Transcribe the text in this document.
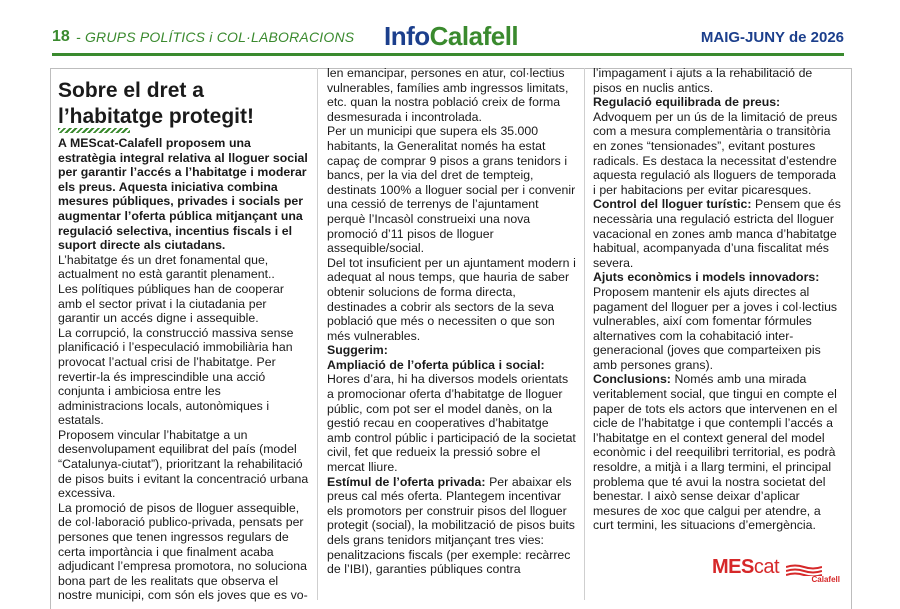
18 - GRUPS POLÍTICS i COL·LABORACIONS InfoCalafell	MAIG-JUNY de 2026
Sobre el dret a l’habitatge protegit!

A MEScat-Calafell proposem una estratègia integral relativa al lloguer social per garantir l’accés a l’habitatge i moderar els preus. Aquesta iniciativa combina mesures públiques, privades i socials per augmentar l’oferta pública mitjançant una regulació selectiva, incentius fiscals i el suport directe als ciutadans.

L’habitatge és un dret fonamental que, actualment no està garantit plenament..

Les polítiques públiques han de cooperar amb el sector privat i la ciutadania per garantir un accés digne i assequible.

La corrupció, la construcció massiva sense planificació i l’especulació immobiliària han provocat l’actual crisi de l’habitatge. Per revertir-la és imprescindible una acció conjunta i ambiciosa entre les administracions locals, autonòmiques i estatals.

Proposem vincular l’habitatge a un desenvolupament equilibrat del país (model “Catalunya-ciutat”), prioritzant la rehabilitació de pisos buits i evitant la concentració urbana excessiva.

La promoció de pisos de lloguer assequible, de col·laboració publico-privada, pensats per persones que tenen ingressos regulars de certa importància i que finalment acaba adjudicant l’empresa promotora, no soluciona bona part de les realitats que observa el nostre municipi, com són els joves que es vo-

len emancipar, persones en atur, col·lectius vulnerables, famílies amb ingressos limitats, etc. quan la nostra població creix de forma desmesurada i incontrolada.

Per un municipi que supera els 35.000 habitants, la Generalitat només ha estat capaç de comprar 9 pisos a grans tenidors i bancs, per la via del dret de tempteig, destinats 100% a lloguer social per i convenir una cessió de terrenys de l’ajuntament perquè l’Incasòl construeixi una nova promoció d’11 pisos de lloguer assequible/social.

Del tot insuficient per un ajuntament modern i adequat al nous temps, que hauria de saber obtenir solucions de forma directa, destinades a cobrir als sectors de la seva població que més o necessiten o que son més vulnerables.

Suggerim:

Ampliació de l’oferta pública i social: Hores d’ara, hi ha diversos models orientats a promocionar oferta d’habitatge de lloguer públic, com pot ser el model danès, on la gestió recau en cooperatives d’habitatge amb control públic i participació de la societat civil, fet que redueix la pressió sobre el mercat lliure.

Estímul de l’oferta privada: Per abaixar els preus cal més oferta. Plantegem incentivar els promotors per construir pisos del lloguer protegit (social), la mobilització de pisos buits dels grans tenidors mitjançant tres vies: penalitzacions fiscals (per exemple: recàrrec de l’IBI), garanties públiques contra

l’impagament i ajuts a la rehabilitació de pisos en nuclis antics.

Regulació equilibrada de preus: Advoquem per un ús de la limitació de preus com a mesura complementària o transitòria en zones “tensionades”, evitant postures radicals. Es destaca la necessitat d’estendre aquesta regulació als lloguers de temporada i per habitacions per evitar picaresques.

Control del lloguer turístic: Pensem que és necessària una regulació estricta del lloguer vacacional en zones amb manca d’habitatge habitual, acompanyada d’una fiscalitat més severa.

Ajuts econòmics i models innovadors: Proposem mantenir els ajuts directes al pagament del lloguer per a joves i col·lectius vulnerables, així com fomentar fórmules alternatives com la cohabitació inter-generacional (joves que comparteixen pis amb persones grans).

Conclusions: Només amb una mirada veritablement social, que tingui en compte el paper de tots els actors que intervenen en el cicle de l’habitatge i que contempli l’accés a l’habitatge en el context general del model econòmic i del reequilibri territorial, es podrà resoldre, a mitjà i a llarg termini, el principal problema que té avui la nostra societat del benestar. I això sense deixar d’aplicar mesures de xoc que calgui per atendre, a curt termini, les situacions d’emergència.

MEScat
Calafell
